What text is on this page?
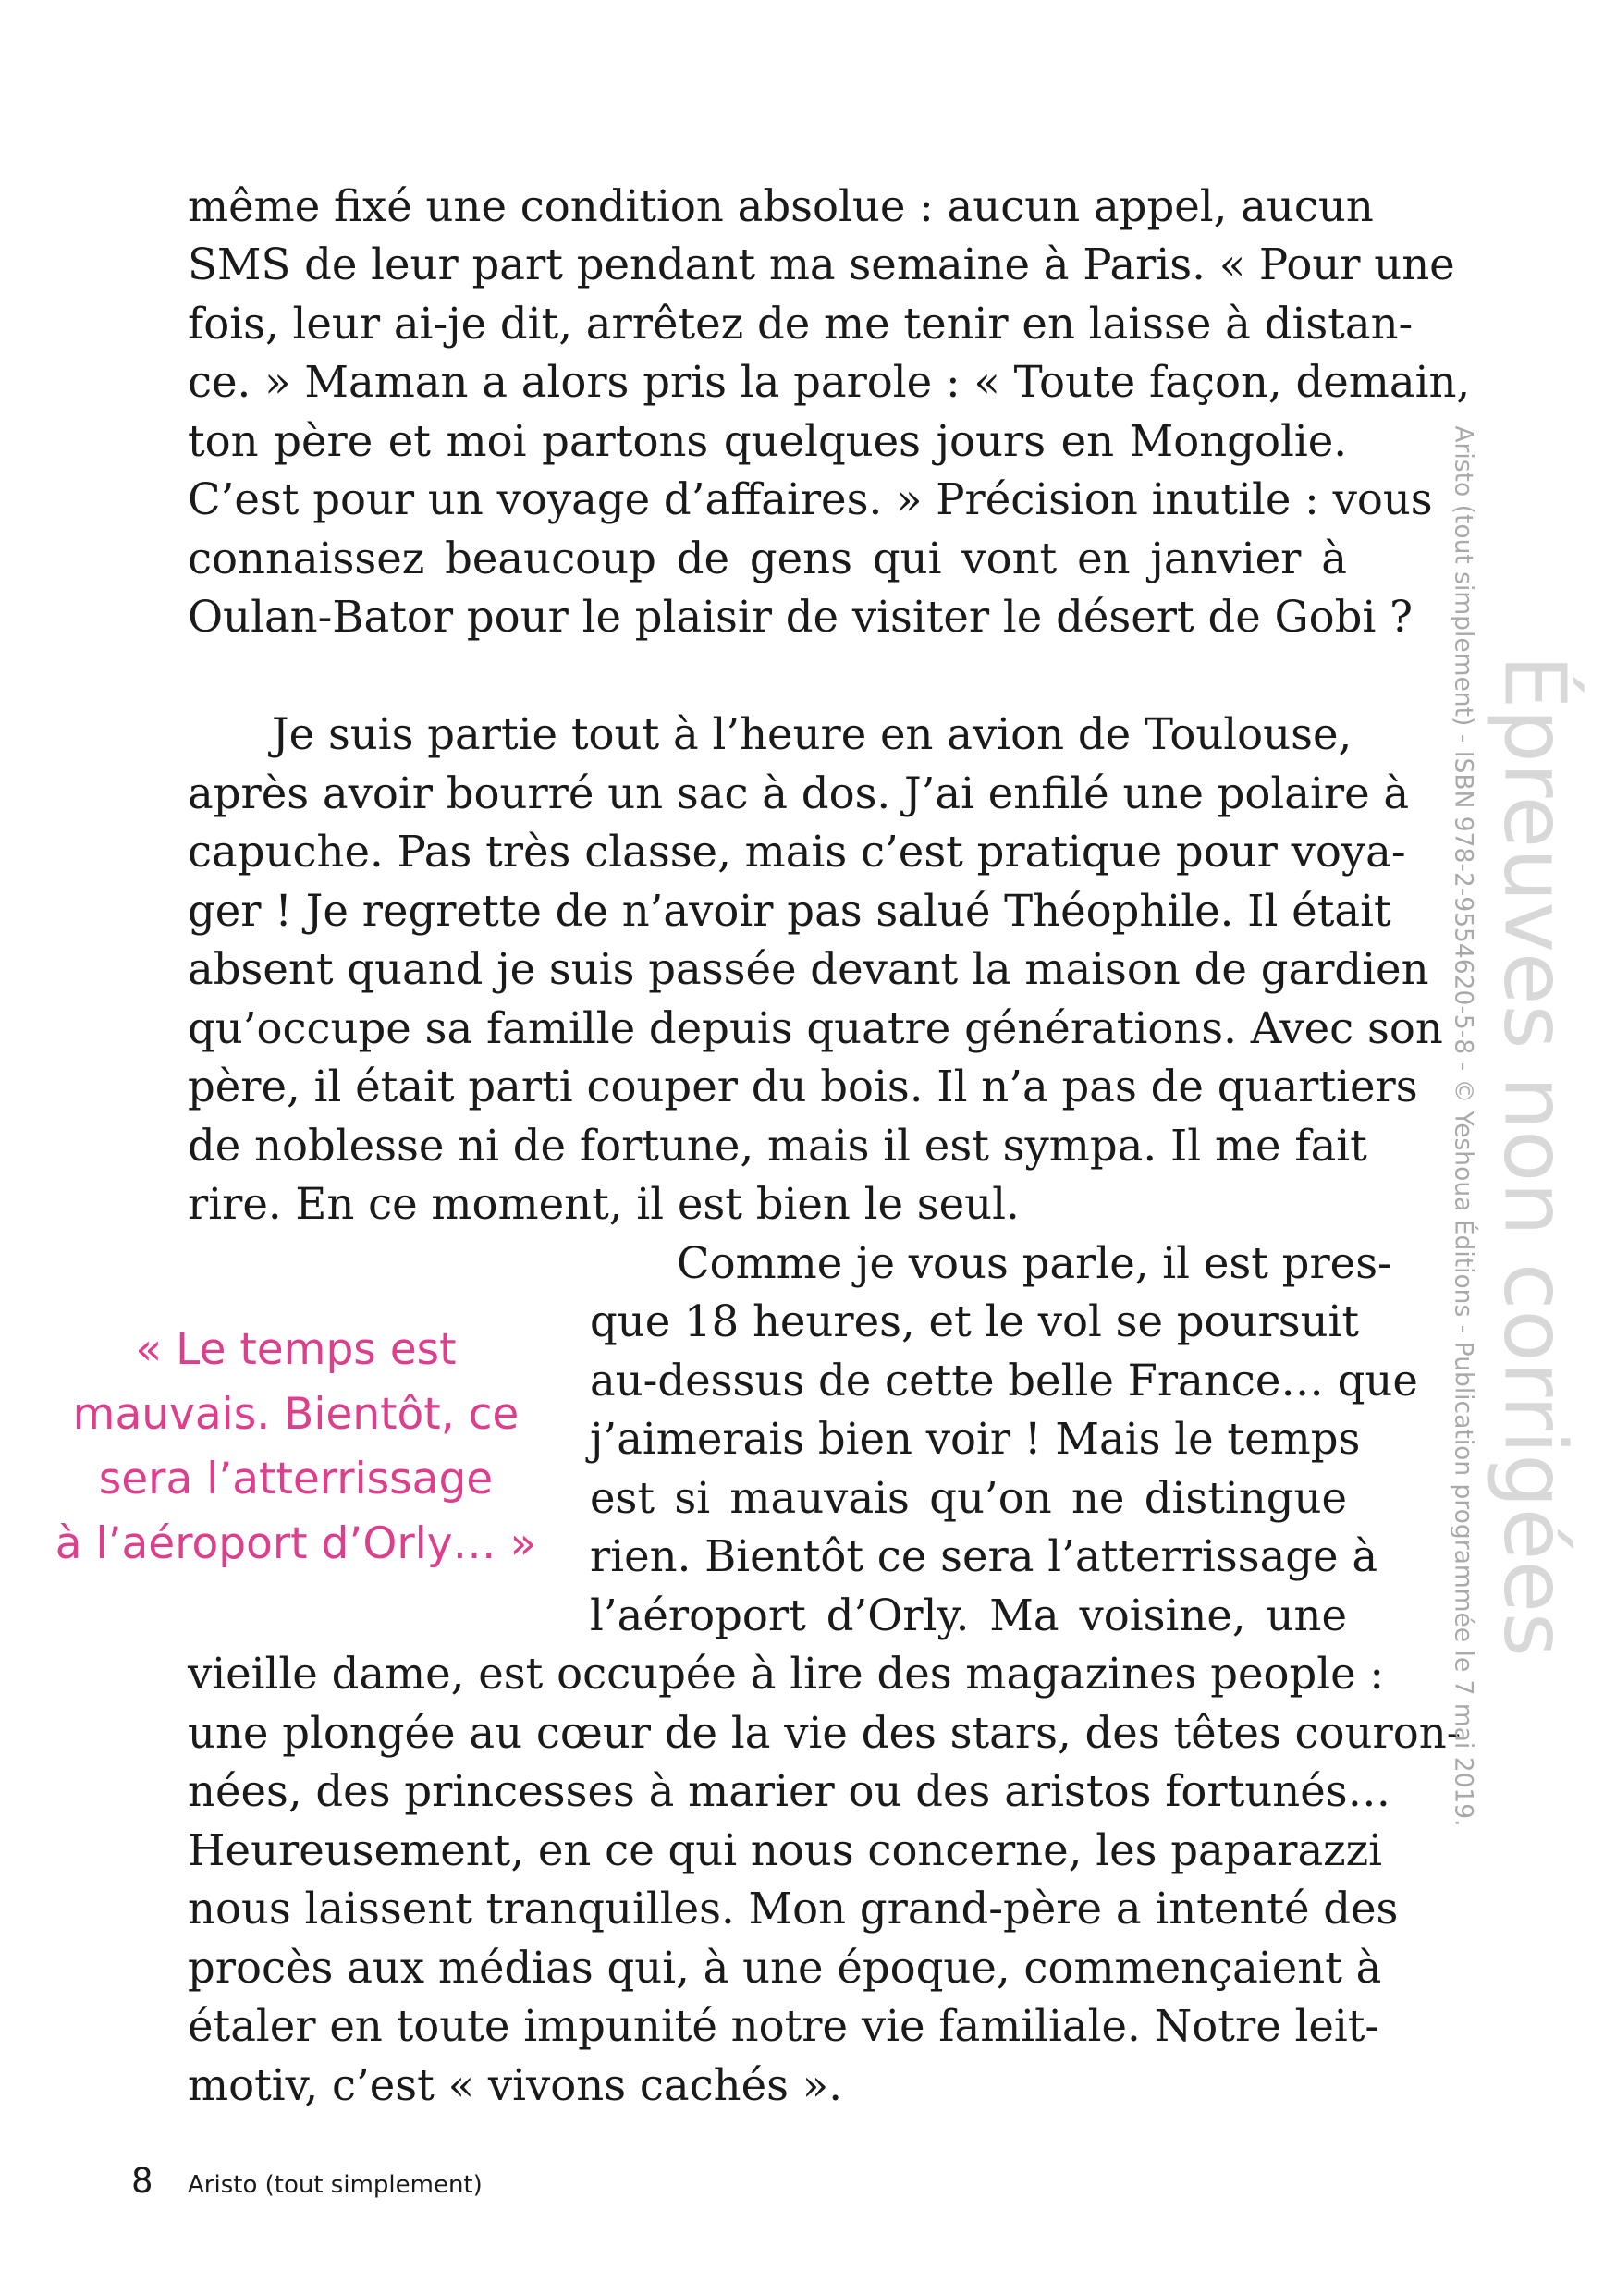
même fixé une condition absolue : aucun appel, aucun
SMS de leur part pendant ma semaine à Paris. « Pour une
fois, leur ai-je dit, arrêtez de me tenir en laisse à distan-
ce. » Maman a alors pris la parole : « Toute façon, demain,
ton père et moi partons quelques jours en Mongolie.
C’est pour un voyage d’affaires. » Précision inutile : vous
connaissez beaucoup de gens qui vont en janvier à
Oulan-Bator pour le plaisir de visiter le désert de Gobi ?
Je suis partie tout à l’heure en avion de Toulouse,
après avoir bourré un sac à dos. J’ai enfilé une polaire à
capuche. Pas très classe, mais c’est pratique pour voya-
ger ! Je regrette de n’avoir pas salué Théophile. Il était
absent quand je suis passée devant la maison de gardien
qu’occupe sa famille depuis quatre générations. Avec son
père, il était parti couper du bois. Il n’a pas de quartiers
de noblesse ni de fortune, mais il est sympa. Il me fait
rire. En ce moment, il est bien le seul.
Comme je vous parle, il est pres-
que 18 heures, et le vol se poursuit
au-dessus de cette belle France… que
j’aimerais bien voir ! Mais le temps
est si mauvais qu’on ne distingue
rien. Bientôt ce sera l’atterrissage à
l’aéroport d’Orly. Ma voisine, une
vieille dame, est occupée à lire des magazines people :
une plongée au cœur de la vie des stars, des têtes couron-
nées, des princesses à marier ou des aristos fortunés…
Heureusement, en ce qui nous concerne, les paparazzi
nous laissent tranquilles. Mon grand-père a intenté des
procès aux médias qui, à une époque, commençaient à
étaler en toute impunité notre vie familiale. Notre leit-
motiv, c’est « vivons cachés ».
« Le temps est
mauvais. Bientôt, ce
sera l’atterrissage
à l’aéroport d’Orly… »	Épreuves non corrigées
Aristo (tout simplement) - ISBN 978-2-9554620-5-8 - © Yeshoua Éditions - Publication programmée le 7 mai 2019.
8 Aristo (tout simplement)
